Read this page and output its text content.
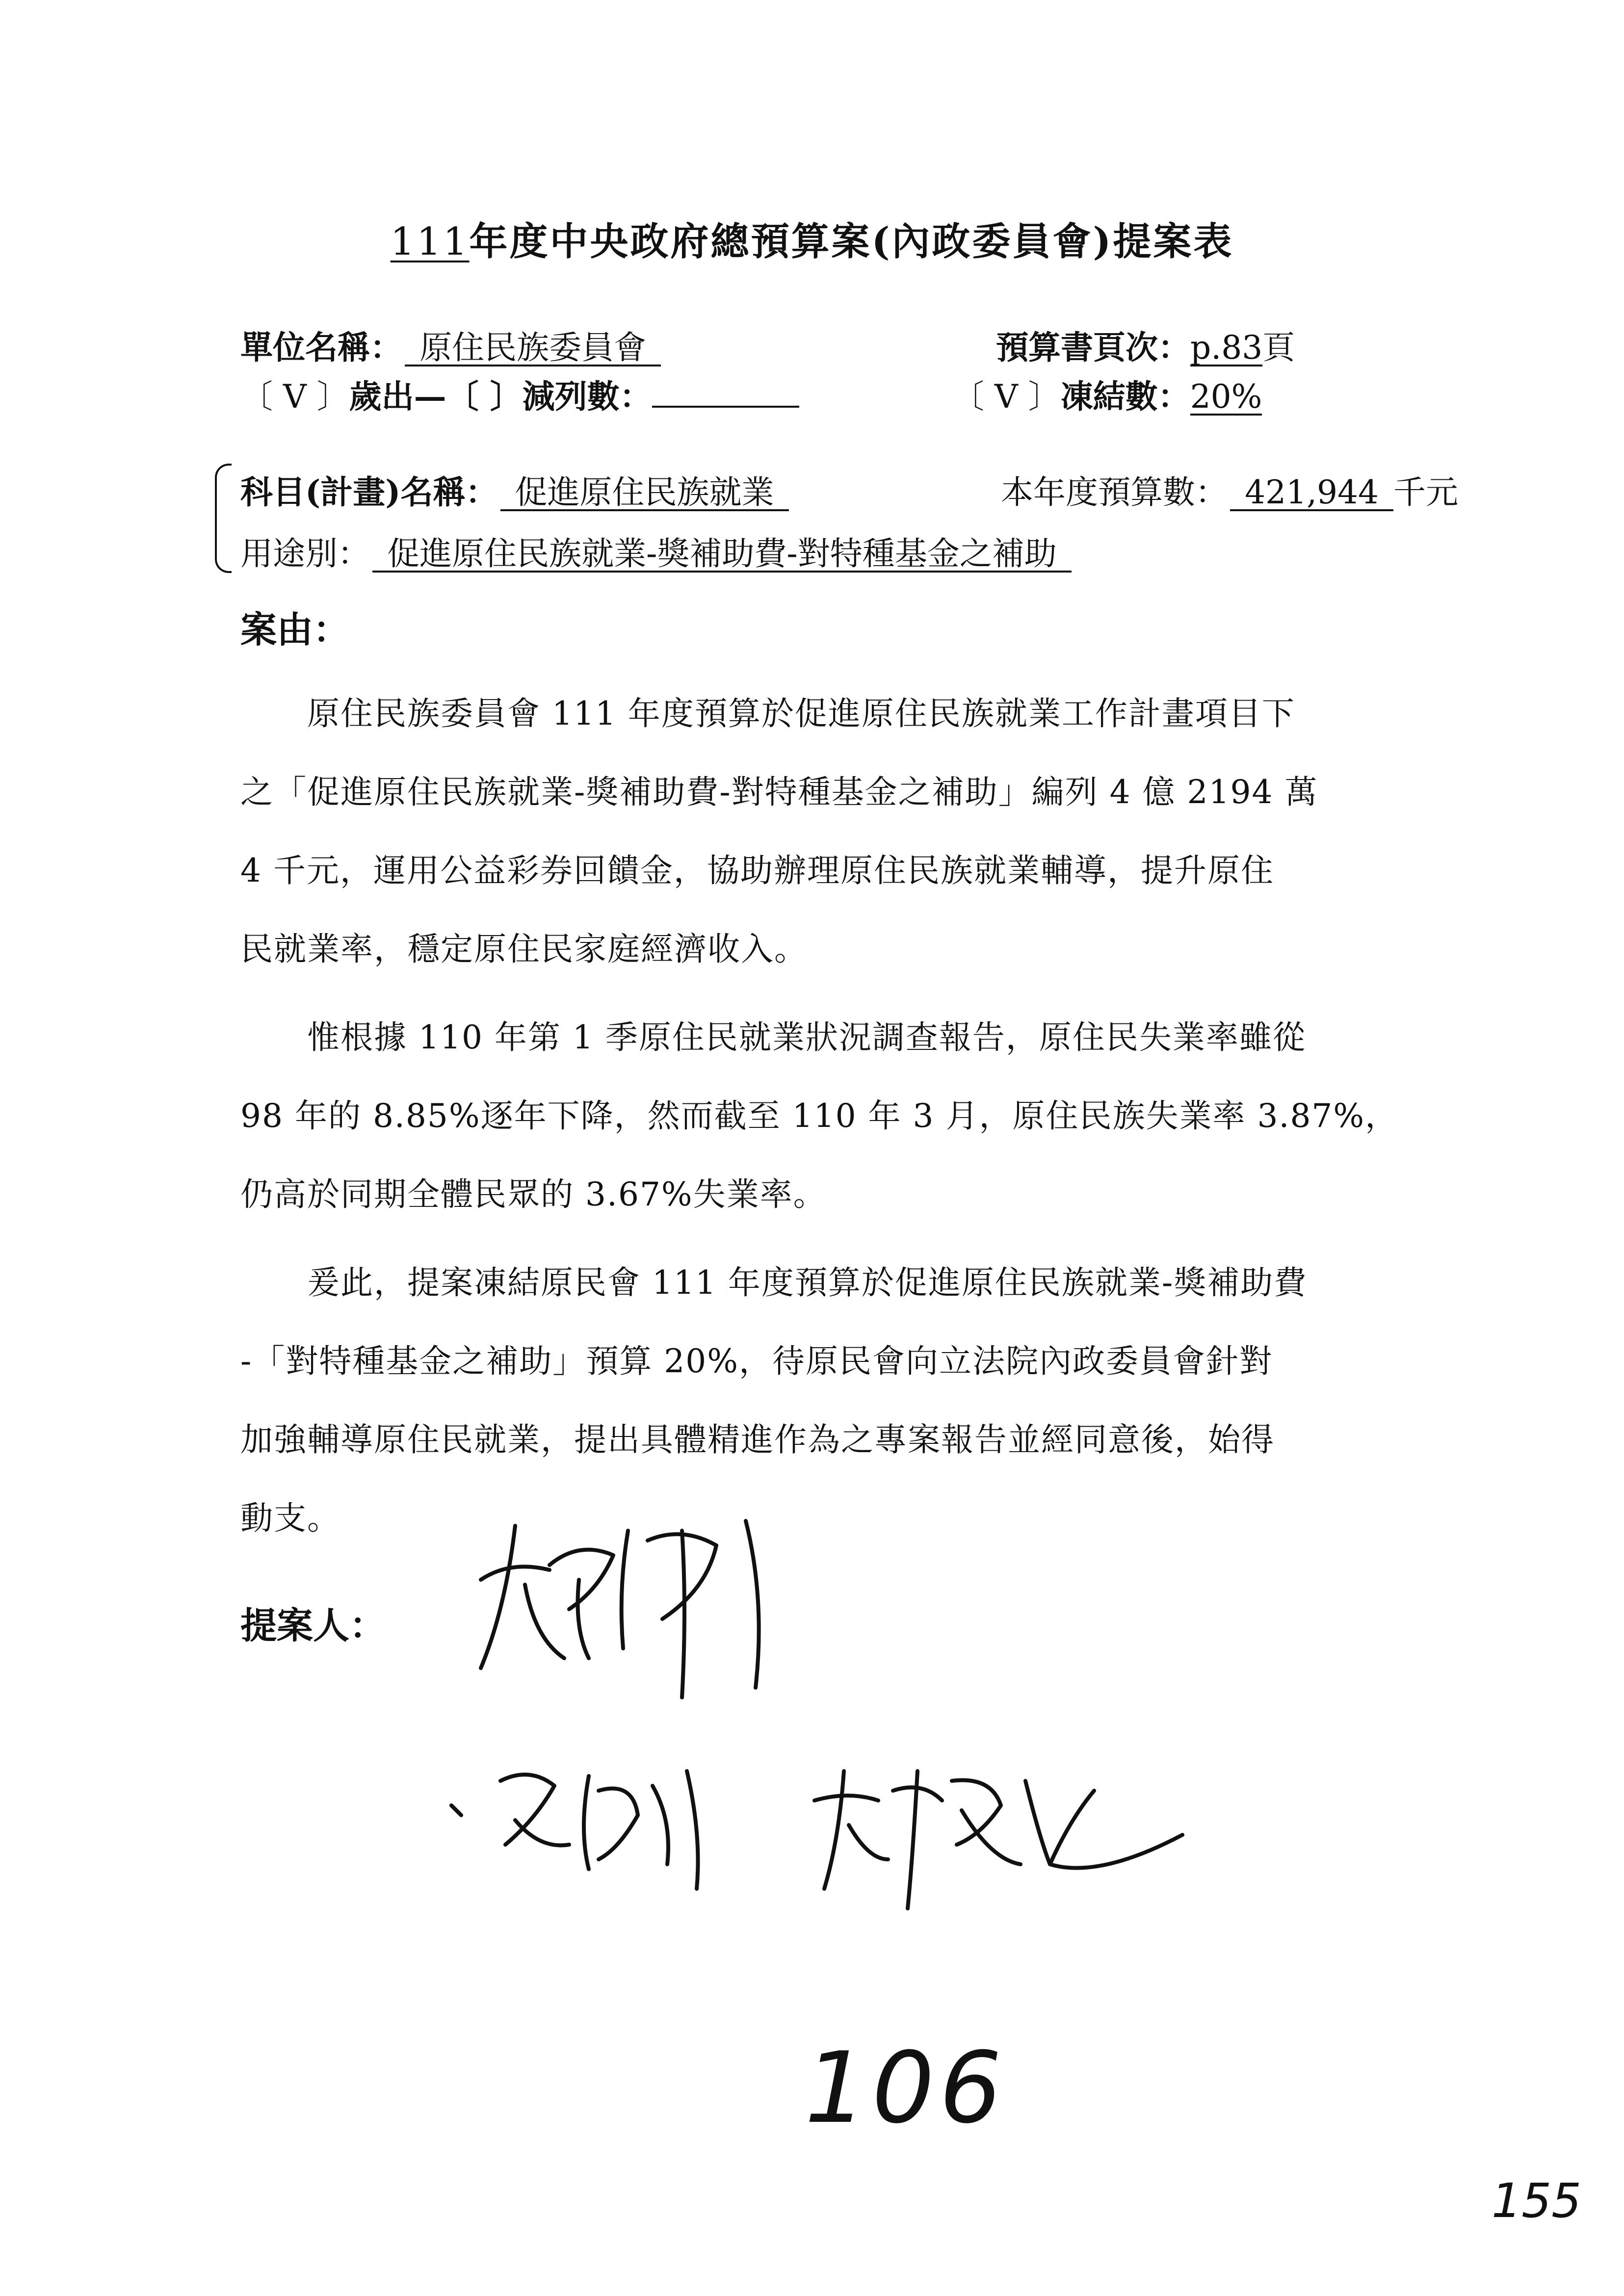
111年度中央政府總預算案(內政委員會)提案表
單位名稱： 原住民族委員會	預算書頁次：p.83頁
〔 V 〕歲出—〔 〕減列數：	〔 V 〕凍結數：20%
科目(計畫)名稱： 促進原住民族就業	本年度預算數： 421,944 千元
用途別： 促進原住民族就業-獎補助費-對特種基金之補助
案由：
　　原住民族委員會 111 年度預算於促進原住民族就業工作計畫項目下
之「促進原住民族就業-獎補助費-對特種基金之補助」編列 4 億 2194 萬
4 千元，運用公益彩券回饋金，協助辦理原住民族就業輔導，提升原住
民就業率，穩定原住民家庭經濟收入。
　　惟根據 110 年第 1 季原住民就業狀況調查報告，原住民失業率雖從
98 年的 8.85%逐年下降，然而截至 110 年 3 月，原住民族失業率 3.87%，
仍高於同期全體民眾的 3.67%失業率。
　　爰此，提案凍結原民會 111 年度預算於促進原住民族就業-獎補助費
-「對特種基金之補助」預算 20%，待原民會向立法院內政委員會針對
加強輔導原住民就業，提出具體精進作為之專案報告並經同意後，始得
動支。
提案人：
106
155
